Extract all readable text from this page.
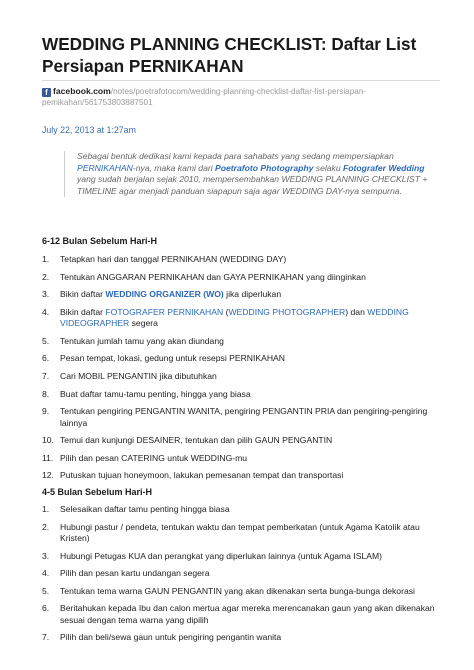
WEDDING PLANNING CHECKLIST: Daftar List Persiapan PERNIKAHAN
f facebook.com/notes/poetrafotocom/wedding-planning-checklist-daftar-list-persiapan-pemikahan/561753803887501
July 22, 2013 at 1:27am
Sebagai bentuk dedikasi kami kepada para sahabats yang sedang mempersiapkan PERNIKAHAN-nya, maka kami dari Poetrafoto Photography selaku Fotografer Wedding yang sudah berjalan sejak 2010, mempersembahkan WEDDING PLANNING CHECKLIST + TIMELINE agar menjadi panduan siapapun saja agar WEDDING DAY-nya sempurna.
6-12 Bulan Sebelum Hari-H
1.	Tetapkan hari dan tanggal PERNIKAHAN (WEDDING DAY)
2.	Tentukan ANGGARAN PERNIKAHAN dan GAYA PERNIKAHAN yang diinginkan
3.	Bikin daftar WEDDING ORGANIZER (WO) jika diperlukan
4.	Bikin daftar FOTOGRAFER PERNIKAHAN (WEDDING PHOTOGRAPHER) dan WEDDING VIDEOGRAPHER segera
5.	Tentukan jumlah tamu yang akan diundang
6.	Pesan tempat, lokasi, gedung untuk resepsi PERNIKAHAN
7.	Cari MOBIL PENGANTIN jika dibutuhkan
8.	Buat daftar tamu-tamu penting, hingga yang biasa
9.	Tentukan pengiring PENGANTIN WANITA, pengiring PENGANTIN PRIA dan pengiring-pengiring lainnya
10. Temui dan kunjungi DESAINER, tentukan dan pilih GAUN PENGANTIN
11. Pilih dan pesan CATERING untuk WEDDING-mu
12. Putuskan tujuan honeymoon, lakukan pemesanan tempat dan transportasi
4-5 Bulan Sebelum Hari-H
1.	Selesaikan daftar tamu penting hingga biasa
2.	Hubungi pastur / pendeta, tentukan waktu dan tempat pemberkatan (untuk Agama Katolik atau Kristen)
3.	Hubungi Petugas KUA dan perangkat yang diperlukan lainnya (untuk Agama ISLAM)
4.	Pilih dan pesan kartu undangan segera
5.	Tentukan tema warna GAUN PENGANTIN yang akan dikenakan serta bunga-bunga dekorasi
6.	Beritahukan kepada Ibu dan calon mertua agar mereka merencanakan gaun yang akan dikenakan sesuai dengan tema warna yang dipilih
7.	Pilih dan beli/sewa gaun untuk pengiring pengantin wanita
